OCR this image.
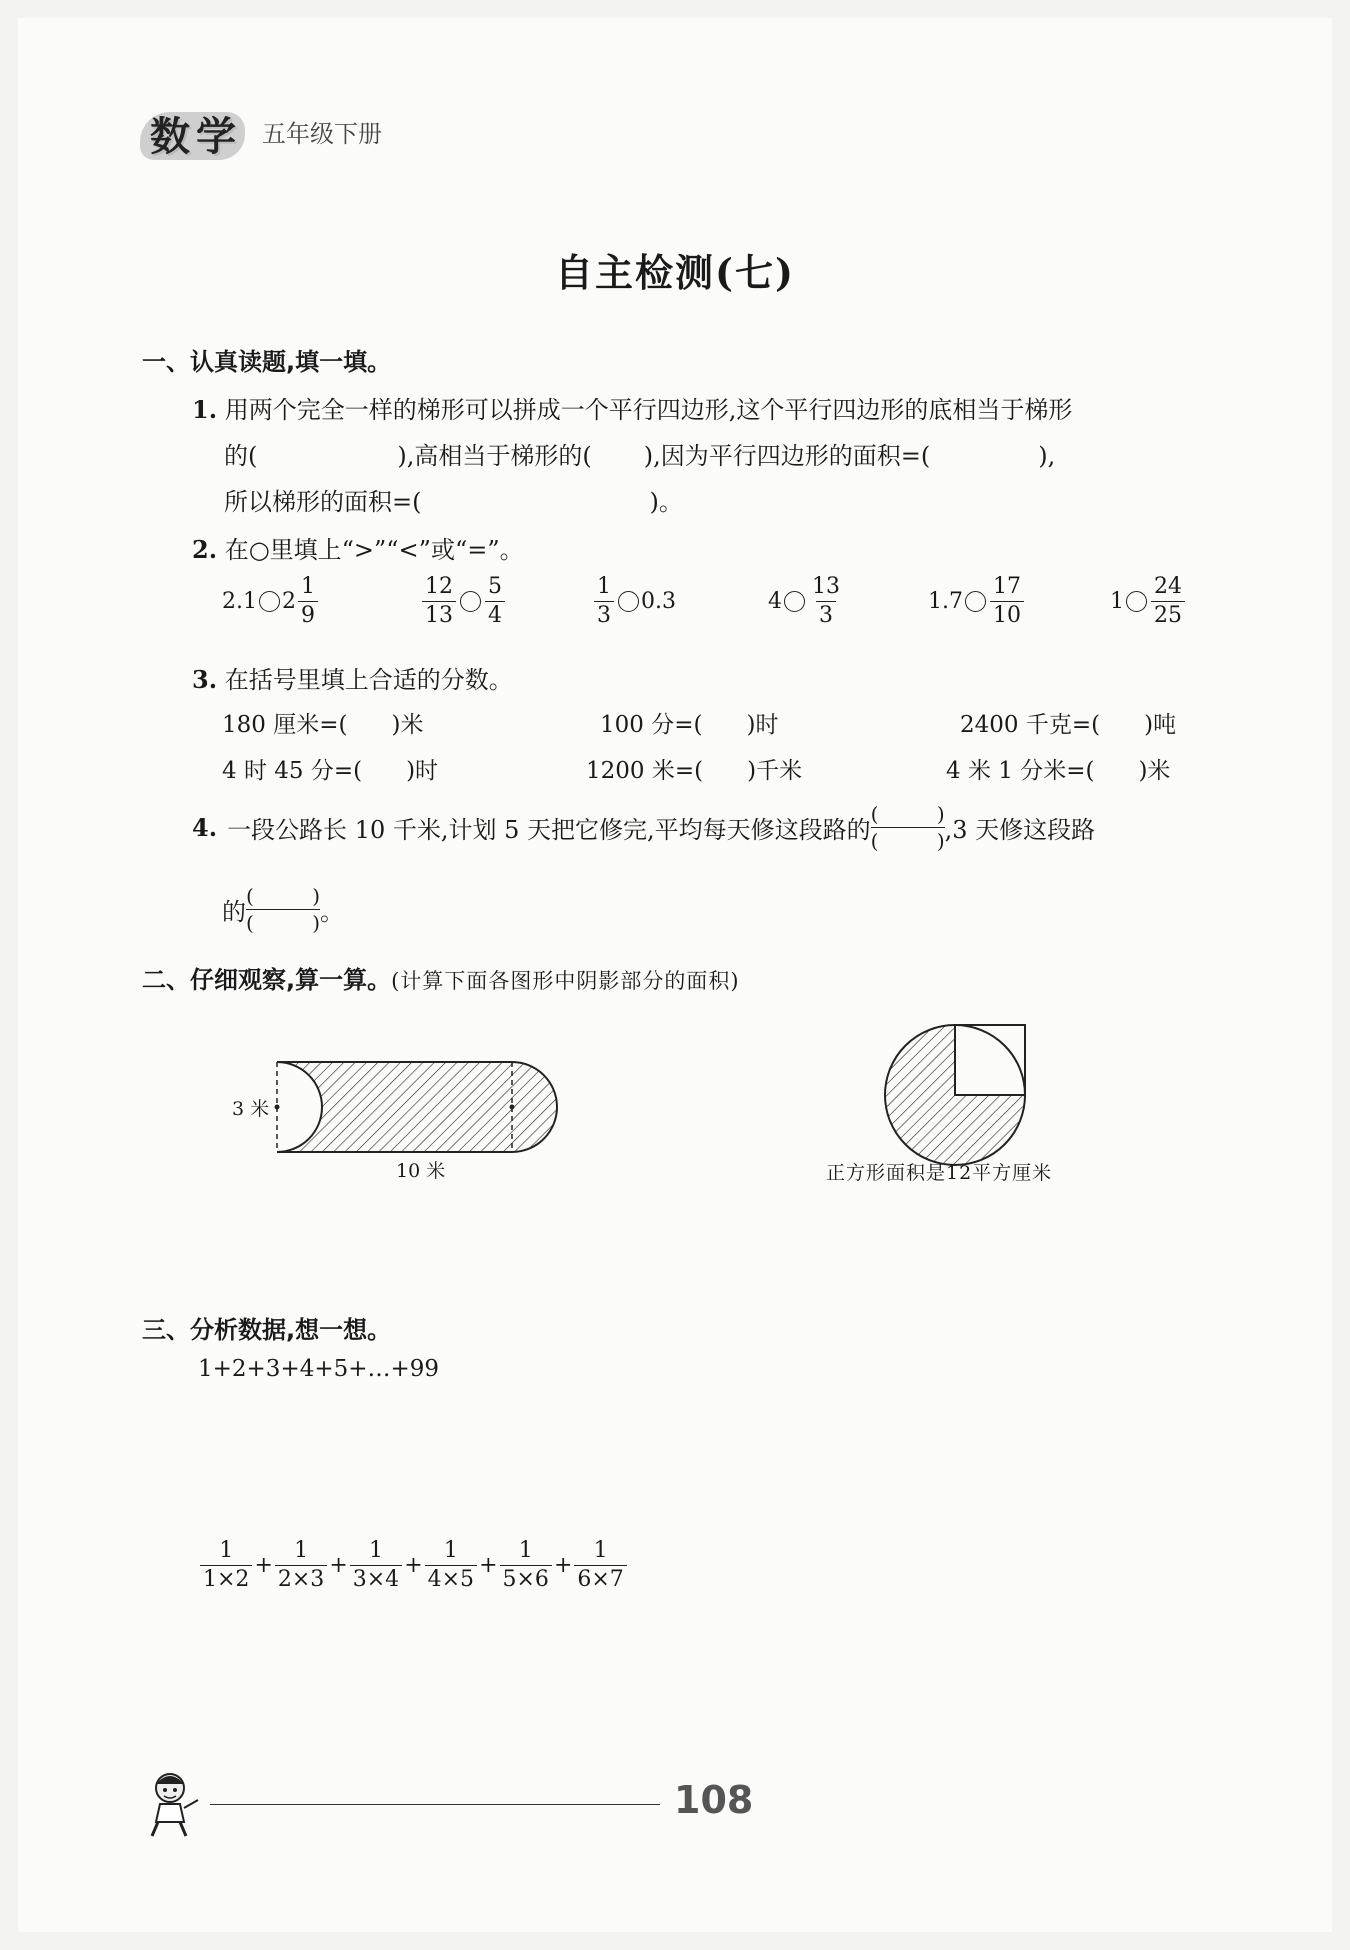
数学 五年级下册
自主检测(七)
一、认真读题,填一填。
1. 用两个完全一样的梯形可以拼成一个平行四边形,这个平行四边形的底相当于梯形
的(	),高相当于梯形的( ),因为平行四边形的面积=(	),
所以梯形的面积=(	)。
2. 在○里填上“>”“<”或“=”。
2.1 $2 \frac{1}{9}$	$\frac{12}{13} \frac{5}{4}$	$\frac{1}{3} 0.3$	$4 \frac{13}{3}$	$1.7 \frac{17}{10}$	$1 \frac{24}{25}$
3. 在括号里填上合适的分数。
180 厘米=( )米	100 分=( )时	2400 千克=( )吨
4 时 45 分=( )时	1200 米=( )千米	4 米 1 分米=( )米
4. 一段公路长 10 千米,计划 5 天把它修完,平均每天修这段路的
(	)
(	) ,3 天修这段路
的
(	)
(	) 。
二、仔细观察,算一算。(计算下面各图形中阴影部分的面积)
3 米
10 米	正方形面积是12平方厘米
三、分析数据,想一想。
1+2+3+4+5+…+99
$\frac{1}{1\times 2} + \frac{1}{2\times 3} + \frac{1}{3\times 4} + \frac{1}{4\times 5} + \frac{1}{5\times 6} + \frac{1}{6\times 7}$
108
